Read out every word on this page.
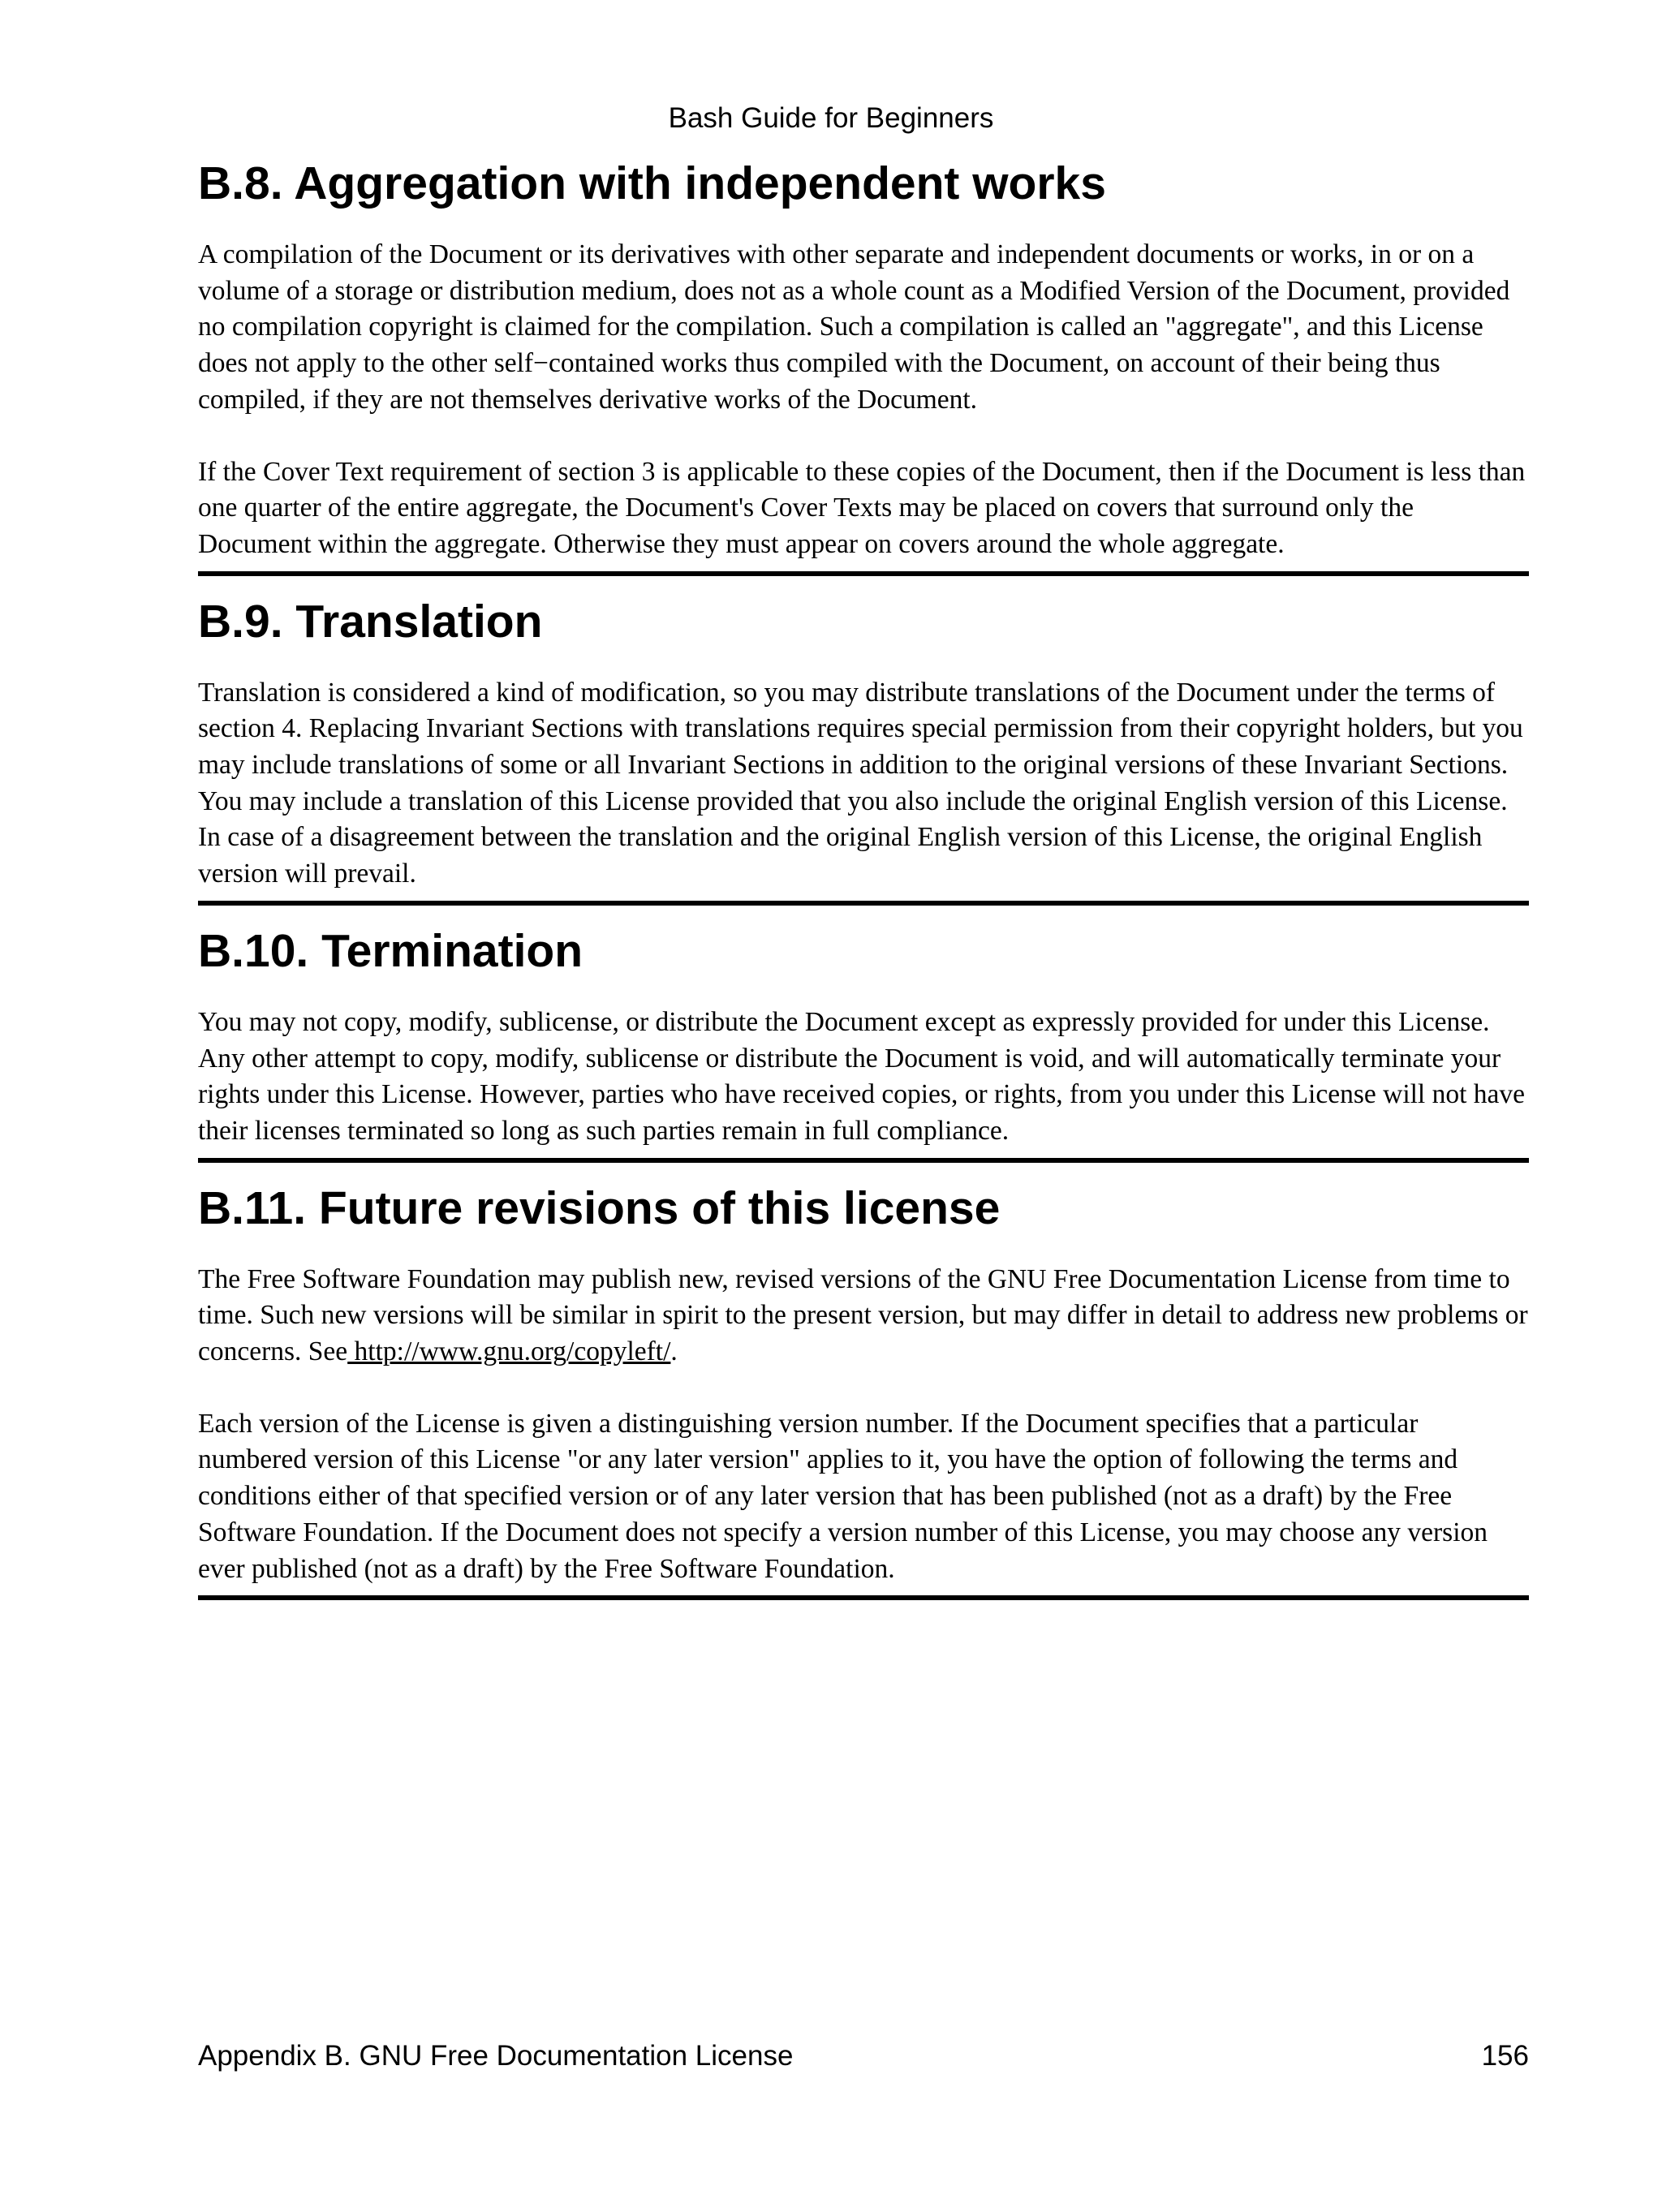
Bash Guide for Beginners
B.8. Aggregation with independent works

A compilation of the Document or its derivatives with other separate and independent documents or works, in or on a volume of a storage or distribution medium, does not as a whole count as a Modified Version of the Document, provided no compilation copyright is claimed for the compilation. Such a compilation is called an "aggregate", and this License does not apply to the other self−contained works thus compiled with the Document, on account of their being thus compiled, if they are not themselves derivative works of the Document.

If the Cover Text requirement of section 3 is applicable to these copies of the Document, then if the Document is less than one quarter of the entire aggregate, the Document's Cover Texts may be placed on covers that surround only the Document within the aggregate. Otherwise they must appear on covers around the whole aggregate.

B.9. Translation

Translation is considered a kind of modification, so you may distribute translations of the Document under the terms of section 4. Replacing Invariant Sections with translations requires special permission from their copyright holders, but you may include translations of some or all Invariant Sections in addition to the original versions of these Invariant Sections. You may include a translation of this License provided that you also include the original English version of this License. In case of a disagreement between the translation and the original English version of this License, the original English version will prevail.

B.10. Termination

You may not copy, modify, sublicense, or distribute the Document except as expressly provided for under this License. Any other attempt to copy, modify, sublicense or distribute the Document is void, and will automatically terminate your rights under this License. However, parties who have received copies, or rights, from you under this License will not have their licenses terminated so long as such parties remain in full compliance.

B.11. Future revisions of this license

The Free Software Foundation may publish new, revised versions of the GNU Free Documentation License from time to time. Such new versions will be similar in spirit to the present version, but may differ in detail to address new problems or concerns. See http://www.gnu.org/copyleft/.

Each version of the License is given a distinguishing version number. If the Document specifies that a particular numbered version of this License "or any later version" applies to it, you have the option of following the terms and conditions either of that specified version or of any later version that has been published (not as a draft) by the Free Software Foundation. If the Document does not specify a version number of this License, you may choose any version ever published (not as a draft) by the Free Software Foundation.

Appendix B. GNU Free Documentation License	156
